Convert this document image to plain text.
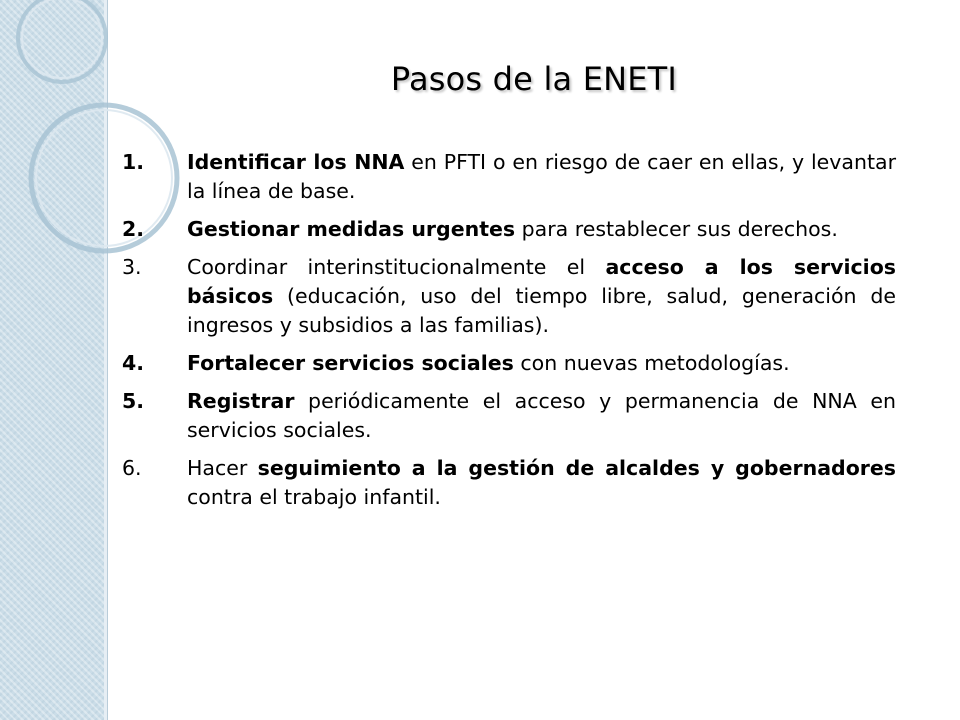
Pasos de la ENETI
1.	Identificar los NNA en PFTI o en riesgo de caer en ellas, y levantar la línea de base.
2.	Gestionar medidas urgentes para restablecer sus derechos.
3.	Coordinar interinstitucionalmente el acceso a los servicios básicos (educación, uso del tiempo libre, salud, generación de ingresos y subsidios a las familias).
4.	Fortalecer servicios sociales con nuevas metodologías.
5.	Registrar periódicamente el acceso y permanencia de NNA en servicios sociales.
6.	Hacer seguimiento a la gestión de alcaldes y gobernadores contra el trabajo infantil.
